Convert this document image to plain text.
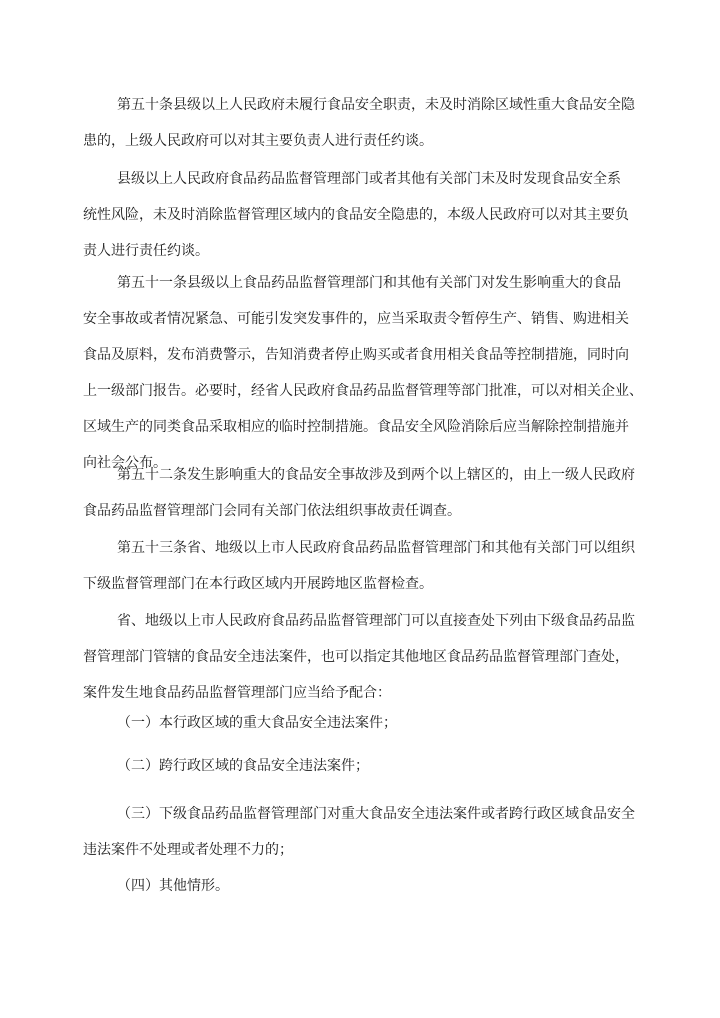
第五十条县级以上人民政府未履行食品安全职责，未及时消除区域性重大食品安全隐
患的，上级人民政府可以对其主要负责人进行责任约谈。

县级以上人民政府食品药品监督管理部门或者其他有关部门未及时发现食品安全系
统性风险，未及时消除监督管理区域内的食品安全隐患的，本级人民政府可以对其主要负
责人进行责任约谈。

第五十一条县级以上食品药品监督管理部门和其他有关部门对发生影响重大的食品
安全事故或者情况紧急、可能引发突发事件的，应当采取责令暂停生产、销售、购进相关
食品及原料，发布消费警示，告知消费者停止购买或者食用相关食品等控制措施，同时向
上一级部门报告。必要时，经省人民政府食品药品监督管理等部门批准，可以对相关企业、
区域生产的同类食品采取相应的临时控制措施。食品安全风险消除后应当解除控制措施并
向社会公布。

第五十二条发生影响重大的食品安全事故涉及到两个以上辖区的，由上一级人民政府
食品药品监督管理部门会同有关部门依法组织事故责任调查。

第五十三条省、地级以上市人民政府食品药品监督管理部门和其他有关部门可以组织
下级监督管理部门在本行政区域内开展跨地区监督检查。

省、地级以上市人民政府食品药品监督管理部门可以直接查处下列由下级食品药品监
督管理部门管辖的食品安全违法案件，也可以指定其他地区食品药品监督管理部门查处，
案件发生地食品药品监督管理部门应当给予配合：

（一）本行政区域的重大食品安全违法案件；

（二）跨行政区域的食品安全违法案件；

（三）下级食品药品监督管理部门对重大食品安全违法案件或者跨行政区域食品安全
违法案件不处理或者处理不力的；

（四）其他情形。
